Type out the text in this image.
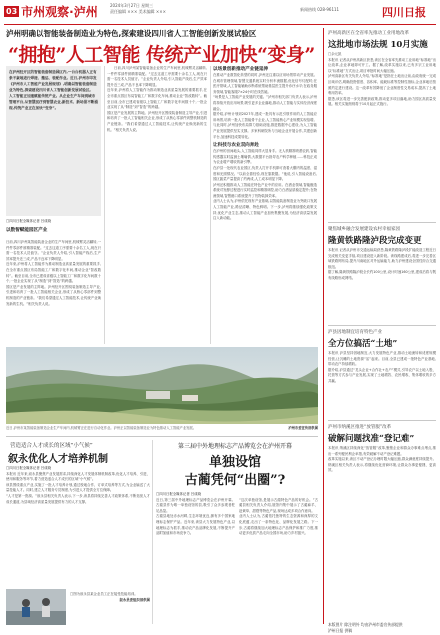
03 市州观察·泸州	2024年3月27日 星期三
责任编辑 ××× 美术编辑 ×××	新闻热线 028-96111	四川日报
泸州明确以智能装备制造业为特色,探索建设四川省人工智能创新发展试验区
“拥抱”人工智能 传统产业加快“变身”

在泸州经开区的智能装备制造园区内,一台台机器人正有条不紊地进行焊接、搬运、装配作业。近日,泸州市印发《泸州市人工智能产业发展规划》,明确以智能装备制造业为特色,探索建设四川省人工智能创新发展试验区。
人工智能正加速赋能传统产业。从企业生产车间到城市管理平台,从智慧医疗到智慧农业,新技术、新场景不断涌现,传统产业正在加快“变身”。

□四川日报全媒体记者 吕成晓
以数智赋能园区产业

日前,四川泸州某智能装备企业的生产车间里,机械臂灵活翻转,一件件零部件被精准装配。“过去这道工序需要十余名工人,现在只需一名技术人员值守。”企业负责人介绍,引入智能产线后,生产效率提升近三成,产品不良率下降明显。
近年来,泸州将人工智能作为推动制造业高质量发展的重要抓手,在全市重点园区布局智能工厂和数字化车间,推动企业“智改数转”。截至目前,全市已建成省级以上智能工厂和数字化车间数十个,一批企业实现了从“制造”到“智造”的跨越。
园区是产业发展的主阵地。泸州经开区围绕装备制造主导产业,引进和培育了一批人工智能相关企业,形成了从核心零部件到整机制造的产业链条。“我们希望通过人工智能技术,让传统产业焕发新的生机。”相关负责人说。

日前,四川泸州某智能装备企业的生产车间里,机械臂灵活翻转,一件件零部件被精准装配。“过去这道工序需要十余名工人,现在只需一名技术人员值守。”企业负责人介绍,引入智能产线后,生产效率提升近三成,产品不良率下降明显。
近年来,泸州将人工智能作为推动制造业高质量发展的重要抓手,在全市重点园区布局智能工厂和数字化车间,推动企业“智改数转”。截至目前,全市已建成省级以上智能工厂和数字化车间数十个,一批企业实现了从“制造”到“智造”的跨越。
园区是产业发展的主阵地。泸州经开区围绕装备制造主导产业,引进和培育了一批人工智能相关企业,形成了从核心零部件到整机制造的产业链条。“我们希望通过人工智能技术,让传统产业焕发新的生机。”相关负责人说。

以场景创新推动产业链延伸

在推动产业数智化转型的同时,泸州还注重以应用场景带动产业发展。在城市管理领域,智慧交通系统实时分析车流数据,优化信号灯配时;在医疗领域,人工智能辅助诊断系统帮助基层医生提升诊疗水平;在政务服务领域,智能客服7×24小时在线答疑。
“场景是人工智能产业发展的关键。”泸州市相关部门负责人表示,泸州将持续开放应用场景,吸引更多企业落地,推动人工智能与实体经济深度融合。
据介绍,泸州计划到2027年,建成一批具有示范引领作用的人工智能应用场景,培育一批人工智能骨干企业,人工智能核心产业规模实现倍增。
与此同时,泸州加快布局算力基础设施,推进数据中心建设,为人工智能产业发展提供坚实支撑。多家科研院所与当地企业开展合作,共建创新平台,加速科技成果转化。

让科技与农业双向奔赴

在泸州的田间地头,人工智能同样大显身手。无人机精准喷洒农药,智能传感器实时监测土壤墒情,大数据平台指导农户科学种植……科技正成为农业增产增收的新引擎。
在泸县一处现代农业园区,负责人打开手机即可查看大棚内的温度、湿度和光照情况。“以前全靠经验,现在靠数据。”他说,引入智能设备后,园区蔬菜产量提高了约两成,人工成本明显下降。
泸州还积极推动人工智能在特色产业中的应用。在酒业领域,智能酿造系统对发酵过程进行实时监控和精准调控,助力白酒品质稳定提升;在物流领域,智慧港口系统提升了货物装卸效率。
业内人士认为,泸州依托现有产业基础,以智能装备制造业为突破口发展人工智能产业,路径清晰、特色鲜明。下一步,泸州将继续强化政策支持,优化产业生态,推动人工智能产业加快集聚发展,为经济高质量发展注入新动能。

近日,泸州市某智能装备制造企业生产车间内,机械臂正在进行自动化作业。泸州正以智能装备制造业为特色推动人工智能产业发展。	泸州市委宣传部供图
泸州高新区在全省率先推动工业用地改革
这批地市场法规 10月实施
□余元凯

本报讯 记者从泸州高新区获悉,该区在全省率先推动工业用地“标准地”出让改革,企业拿地即可开工。据了解,改革实施以来,已有多宗工业用地以“标准地”方式出让,项目审批时间大幅压缩。
泸州高新区有关负责人介绍,“标准地”是指在土地出让前,由政府统一完成区域评估,明确投资强度、容积率、能耗标准等控制性指标,企业拿地后按照约定进行建设。这一改革有效降低了企业制度性交易成本,提高了土地利用效率。
据悉,该区将进一步完善配套政策,推动更多项目落地,助力园区高质量发展。相关实施细则将于10月起正式施行。

聚焦城乡融合发展建设农村幸福家园
隆黄铁路隆泸段完成变更

本报讯 记者从泸州市交通运输局获悉,隆黄铁路隆泸段扩能改造工程近日完成相关变更手续,项目建设进入新阶段。该线路建成后,将进一步完善区域铁路网布局,提升川南地区对外运输能力,助力泸州建设全国性综合交通枢纽。
据了解,隆黄铁路隆泸段全长约100公里,设计时速160公里,建成后将与既有线路形成网络。

泸县因地制宜培育特色产业
全方位搞活“土地”

本报讯 泸县坚持因地制宜,大力发展特色产业,推动土地流转和适度规模经营,让沉睡的土地资源“活”起来。目前,全县已建成一批特色产业基地,带动农户持续增收。
据介绍,泸县通过“龙头企业+合作社+农户”模式,引导农户以土地入股、托管等方式参与产业发展,实现了土地增效、农民增收、集体增收的多方共赢。

泸州市纳溪区推进“放管服”改革
破解问题找准“登记难”

本报讯 纳溪区持续深化“放管服”改革,聚焦企业和群众办事难点堵点,推出一系列便民利企举措,有效破解不动产登记难题。
改革实施以来,该区不动产登记办理时限大幅压缩,群众满意度持续提升。纳溪区相关负责人表示,将继续优化营商环境,让群众办事更便捷、更高效。

本版图片 除注明外 均由泸州市委宣传部提供
泸州日报 供稿
营造适合人才成长的区域“小气候”
叙永优化人才培养机制
□四川日报全媒体记者 吕成晓

本报讯 近年来,叙永县聚焦产业发展需求,持续深化人才发展体制机制改革,优化人才培养、引进、使用和服务等环节,着力营造适合人才成长的区域“小气候”。
该县围绕重点产业,实施了一批人才培养计划,通过校地合作、订单式培养等方式,为企业输送了大量技能人才。同时,建立人才服务专员制度,为引进人才提供全方位保障。
“人才是第一资源。”叙永县相关负责人表示,下一步,该县将持续完善人才政策体系,不断拓宽人才成长通道,为县域经济高质量发展提供有力的人才支撑。

□图为叙永县某企业员工正在接受技能培训。
叙永县委组织部供图
第三届中外地理标志产品博览会在泸州开幕
单独设馆
古蔺凭何“出圈”?
□四川日报全媒体记者 吕成晓

近日,第三届中外地理标志产品博览会在泸州开幕。古蔺县作为唯一单独设馆的县,吸引了众多参观者驻足品鉴。
古蔺县地处赤水河畔,生态环境优良,拥有多个国家地理标志保护产品。近年来,该县大力发展特色产业,以地理标志为抓手,推动农产品品牌化发展,不断提升产品附加值和市场竞争力。
“这次单独设馆,是展示古蔺特色产品的好机会。”古蔺县相关负责人介绍,展馆内集中展示了古蔺麻羊、赶黄草、甜橙等特色产品,现场达成多项合作意向。
业内人士认为,古蔺依托独特的生态资源和深厚的文化底蕴,走出了一条特色化、品牌化发展之路。下一步,古蔺将继续加大地理标志产品保护和推广力度,推动更多优质产品走向全国市场,助力乡村振兴。
